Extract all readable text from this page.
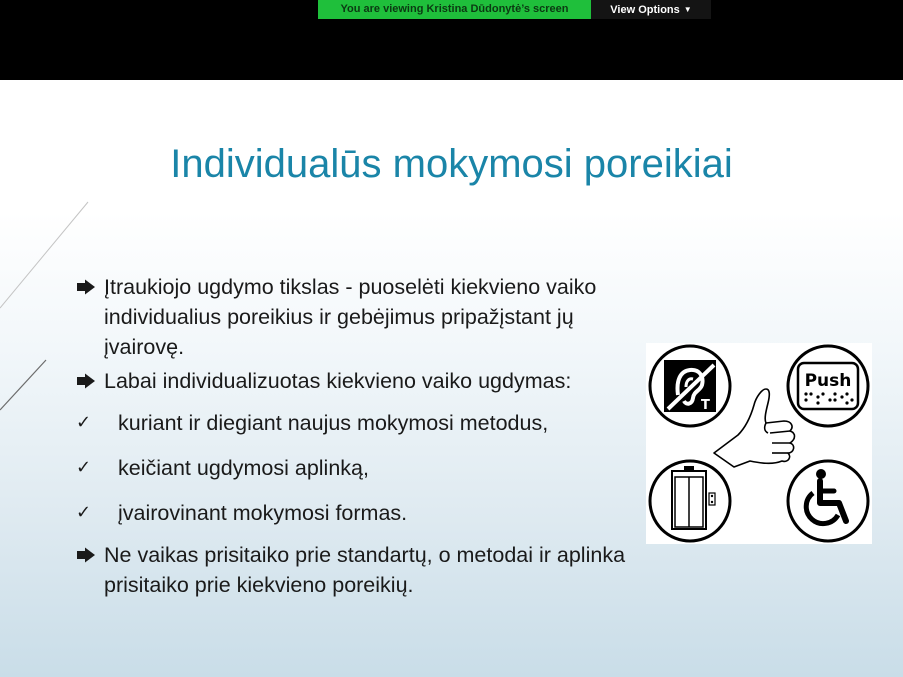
You are viewing Kristina Dūdonytė’s screen	View Options ▼
Individualūs mokymosi poreikiai
Įtraukiojo ugdymo tikslas - puoselėti kiekvieno vaiko individualius poreikius ir gebėjimus pripažįstant jų įvairovę.
Labai individualizuotas kiekvieno vaiko ugdymas:
✓ kuriant ir diegiant naujus mokymosi metodus,
✓ keičiant ugdymosi aplinką,
✓ įvairovinant mokymosi formas.
Ne vaikas prisitaiko prie standartų, o metodai ir aplinka prisitaiko prie kiekvieno poreikių.
T
Push
